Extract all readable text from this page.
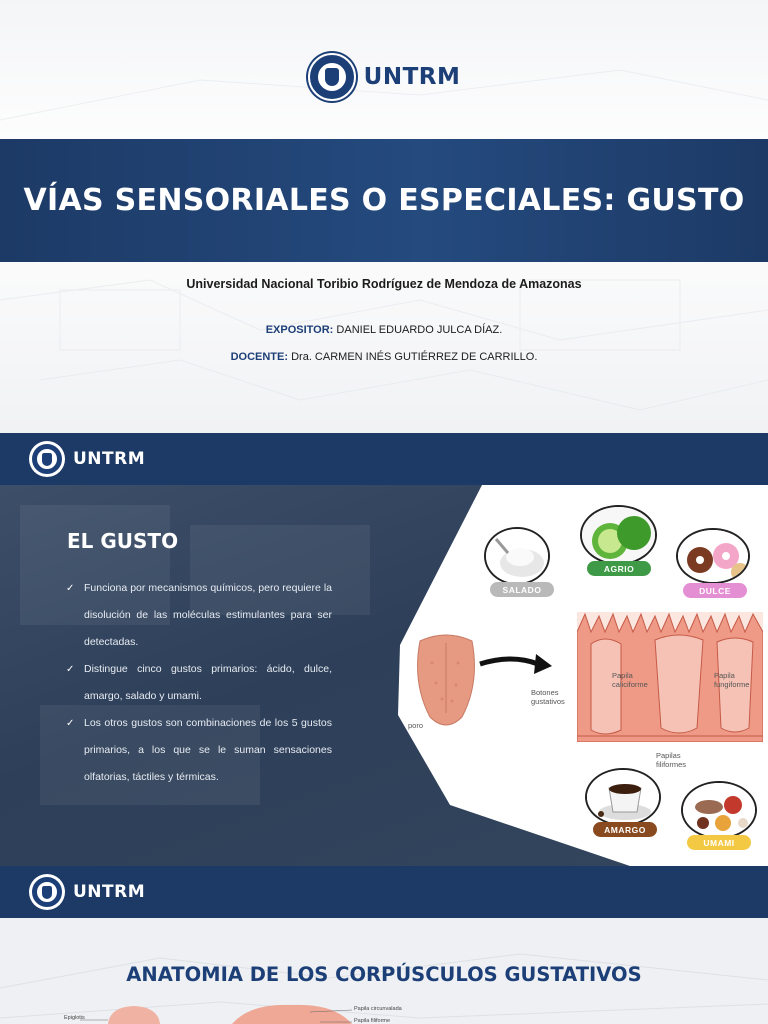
UNTRM
VÍAS SENSORIALES O ESPECIALES: GUSTO
Universidad Nacional Toribio Rodríguez de Mendoza de Amazonas
EXPOSITOR: DANIEL EDUARDO JULCA DÍAZ.
DOCENTE: Dra. CARMEN INÉS GUTIÉRREZ DE CARRILLO.
UNTRM
EL GUSTO
✓ Funciona por mecanismos químicos, pero requiere la disolución de las moléculas estimulantes para ser detectadas.
✓ Distingue cinco gustos primarios: ácido, dulce, amargo, salado y umami.
✓ Los otros gustos son combinaciones de los 5 gustos primarios, a los que se le suman sensaciones olfatorias, táctiles y térmicas.
SALADO
AGRIO
DULCE
poro
Papila caliciforme
Papila fungiforme
Botones gustativos
Papilas filiformes
AMARGO
UMAMI
UNTRM
ANATOMIA DE LOS CORPÚSCULOS GUSTATIVOS
Epiglotis
Papila circunvalada
Papila filiforme
